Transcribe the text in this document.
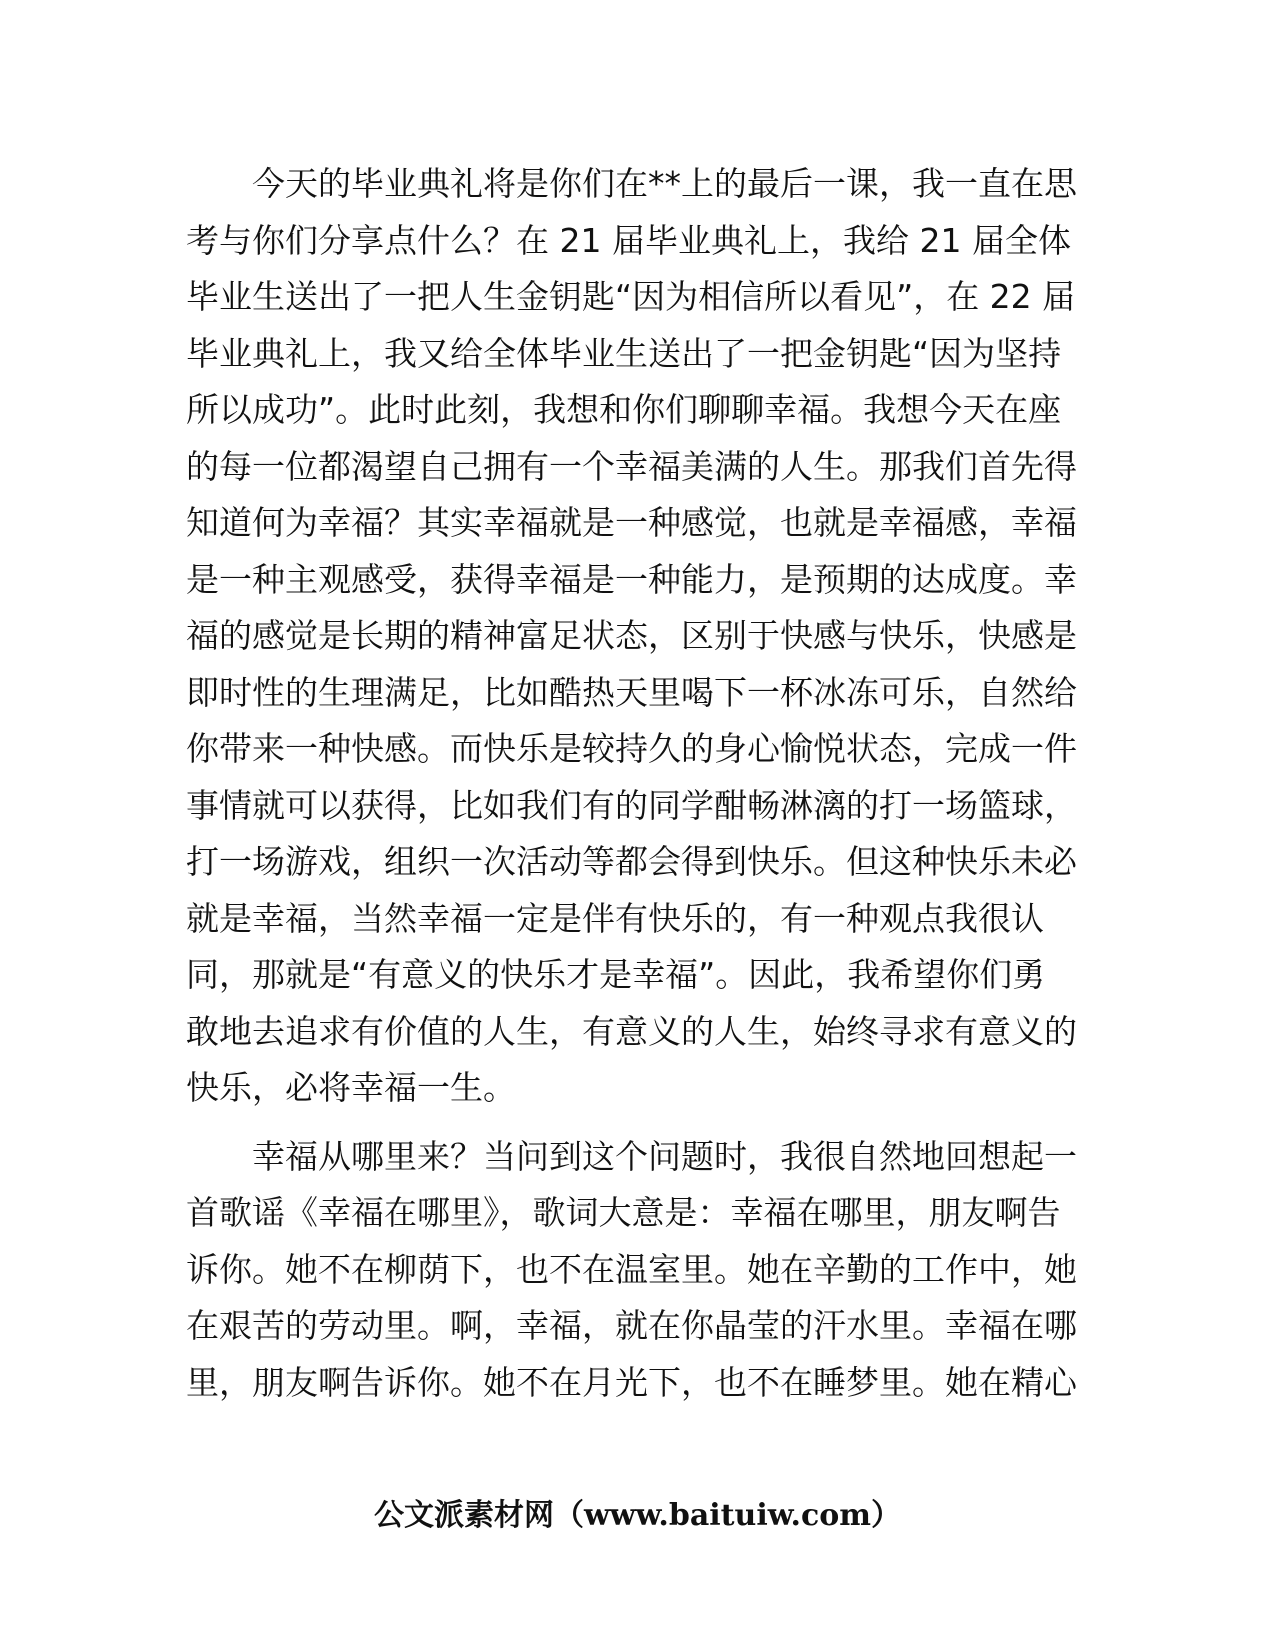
今天的毕业典礼将是你们在**上的最后一课，我一直在思
考与你们分享点什么？在 21 届毕业典礼上，我给 21 届全体
毕业生送出了一把人生金钥匙“因为相信所以看见”，在 22 届
毕业典礼上，我又给全体毕业生送出了一把金钥匙“因为坚持
所以成功”。此时此刻，我想和你们聊聊幸福。我想今天在座
的每一位都渴望自己拥有一个幸福美满的人生。那我们首先得
知道何为幸福？其实幸福就是一种感觉，也就是幸福感，幸福
是一种主观感受，获得幸福是一种能力，是预期的达成度。幸
福的感觉是长期的精神富足状态，区别于快感与快乐，快感是
即时性的生理满足，比如酷热天里喝下一杯冰冻可乐，自然给
你带来一种快感。而快乐是较持久的身心愉悦状态，完成一件
事情就可以获得，比如我们有的同学酣畅淋漓的打一场篮球，
打一场游戏，组织一次活动等都会得到快乐。但这种快乐未必
就是幸福，当然幸福一定是伴有快乐的，有一种观点我很认
同，那就是“有意义的快乐才是幸福”。因此，我希望你们勇
敢地去追求有价值的人生，有意义的人生，始终寻求有意义的
快乐，必将幸福一生。

幸福从哪里来？当问到这个问题时，我很自然地回想起一
首歌谣《幸福在哪里》，歌词大意是：幸福在哪里，朋友啊告
诉你。她不在柳荫下，也不在温室里。她在辛勤的工作中，她
在艰苦的劳动里。啊，幸福，就在你晶莹的汗水里。幸福在哪
里，朋友啊告诉你。她不在月光下，也不在睡梦里。她在精心

公文派素材网（www.baituiw.com）
